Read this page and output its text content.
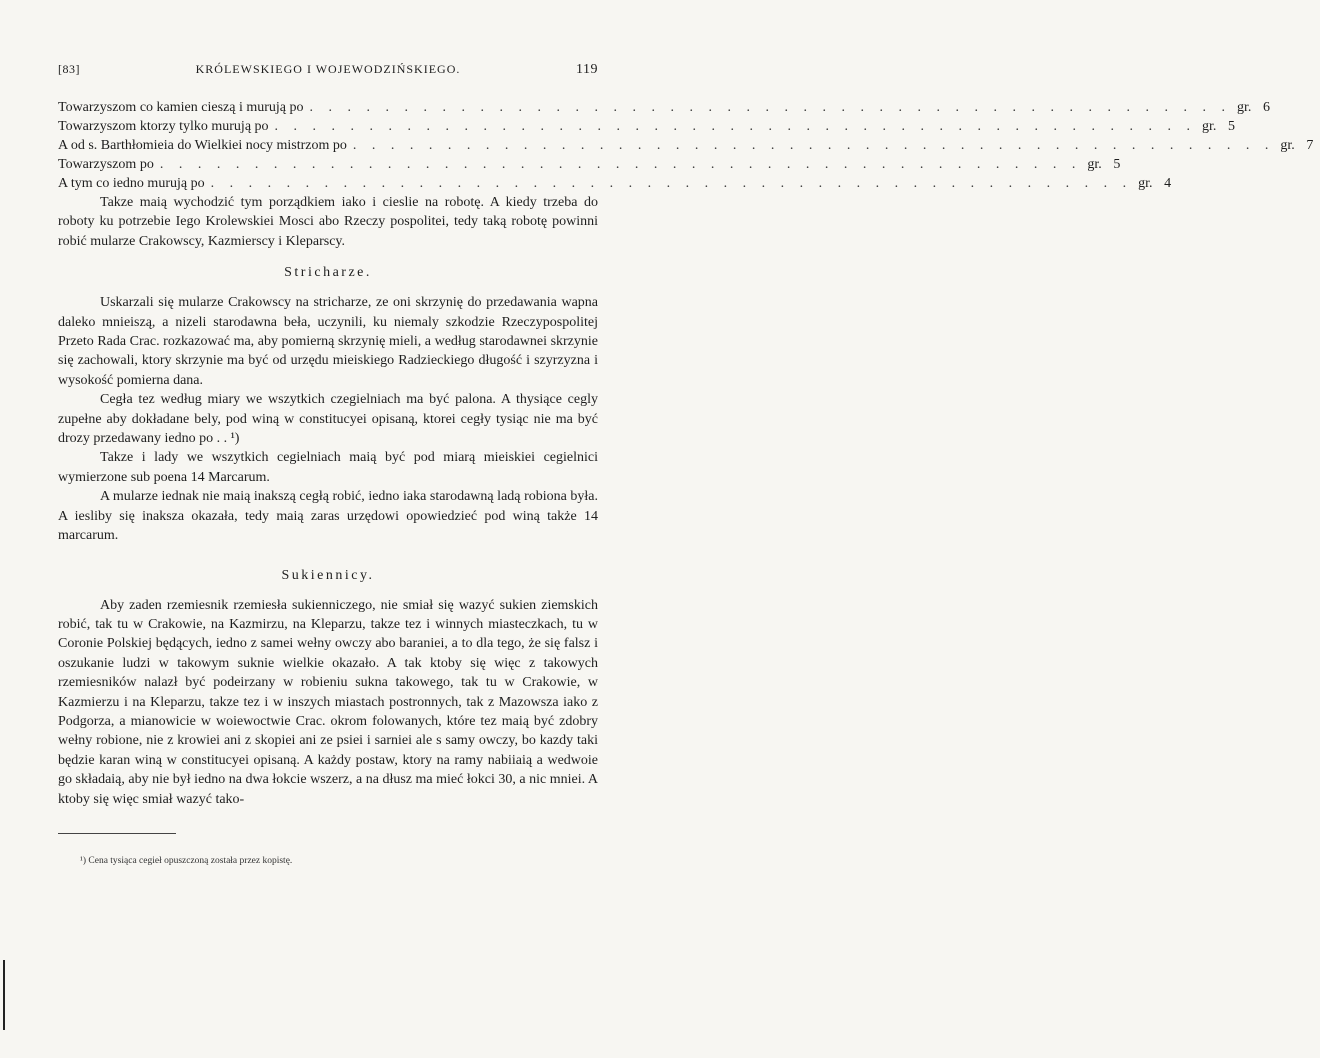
[83]	KRÓLEWSKIEGO I WOJEWODZIŃSKIEGO.	119
Towarzyszom co kamien cieszą i murują po . . . . . . . . . . . . . . . . . . . . . . . . . . . . . . . . . . . . . . . . . . . . . . . . . gr. 6
Towarzyszom ktorzy tylko murują po . . . . . . . . . . . . . . . . . . . . . . . . . . . . . . . . . . . . . . . . . . . . . . . . . gr. 5
A od s. Barthłomieia do Wielkiei nocy mistrzom po . . . . . . . . . . . . . . . . . . . . . . . . . . . . . . . . . . . . . . . . . . . . . . . . . gr. 7
Towarzyszom po . . . . . . . . . . . . . . . . . . . . . . . . . . . . . . . . . . . . . . . . . . . . . . . . . gr. 5
A tym co iedno murują po . . . . . . . . . . . . . . . . . . . . . . . . . . . . . . . . . . . . . . . . . . . . . . . . . gr. 4

Takze maią wychodzić tym porządkiem iako i cieslie na robotę. A kiedy trzeba do roboty ku potrzebie Iego Krolewskiei Mosci abo Rzeczy pospolitei, tedy taką robotę powinni robić mularze Crakowscy, Kazmierscy i Kleparscy.

Stricharze.

Uskarzali się mularze Crakowscy na stricharze, ze oni skrzynię do przedawania wapna daleko mnieiszą, a nizeli starodawna beła, uczynili, ku niemaly szkodzie Rzeczypospolitej Przeto Rada Crac. rozkazować ma, aby pomierną skrzynię mieli, a według starodawnei skrzynie się zachowali, ktory skrzynie ma być od urzędu mieiskiego Radzieckiego długość i szyrzyzna i wysokość pomierna dana.

Cegła tez według miary we wszytkich czegielniach ma być palona. A thysiące cegly zupełne aby dokładane bely, pod winą w constitucyei opisaną, ktorei cegły tysiąc nie ma być drozy przedawany iedno po . . ¹)

Takze i lady we wszytkich cegielniach maią być pod miarą mieiskiei cegielnici wymierzone sub poena 14 Marcarum.

A mularze iednak nie maią inakszą cegłą robić, iedno iaka starodawną ladą robiona była. A iesliby się inaksza okazała, tedy maią zaras urzędowi opowiedzieć pod winą także 14 marcarum.

Sukiennicy.

Aby zaden rzemiesnik rzemiesła sukienniczego, nie smiał się wazyć sukien ziemskich robić, tak tu w Crakowie, na Kazmirzu, na Kleparzu, takze tez i winnych miasteczkach, tu w Coronie Polskiej będących, iedno z samei wełny owczy abo baraniei, a to dla tego, że się falsz i oszukanie ludzi w takowym suknie wielkie okazało. A tak ktoby się więc z takowych rzemiesników nalazł być podeirzany w robieniu sukna takowego, tak tu w Crakowie, w Kazmierzu i na Kleparzu, takze tez i w inszych miastach postronnych, tak z Mazowsza iako z Podgorza, a mianowicie w woiewoctwie Crac. okrom folowanych, które tez maią być zdobry wełny robione, nie z krowiei ani z skopiei ani ze psiei i sarniei ale s samy owczy, bo kazdy taki będzie karan winą w constitucyei opisaną. A każdy postaw, ktory na ramy nabiiaią a wedwoie go składaią, aby nie był iedno na dwa łokcie wszerz, a na dłusz ma mieć łokci 30, a nic mniei. A ktoby się więc smiał wazyć tako-

¹) Cena tysiąca cegieł opuszczoną została przez kopistę.
